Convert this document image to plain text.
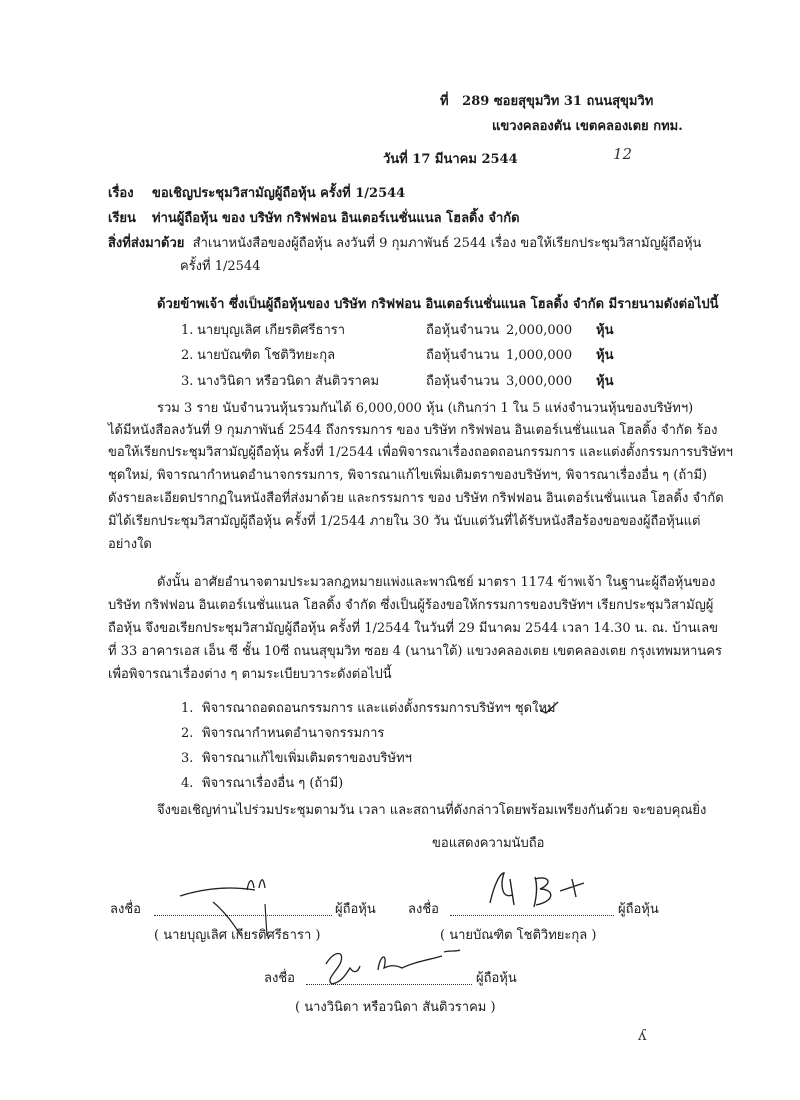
ที่ 289 ซอยสุขุมวิท 31 ถนนสุขุมวิท
แขวงคลองตัน เขตคลองเตย กทม.
วันที่ 17 มีนาคม 2544	12
เรื่อง ขอเชิญประชุมวิสามัญผู้ถือหุ้น ครั้งที่ 1/2544
เรียน ท่านผู้ถือหุ้น ของ บริษัท กริฟฟอน อินเตอร์เนชั่นแนล โฮลดิ้ง จำกัด
สิ่งที่ส่งมาด้วย สำเนาหนังสือของผู้ถือหุ้น ลงวันที่ 9 กุมภาพันธ์ 2544 เรื่อง ขอให้เรียกประชุมวิสามัญผู้ถือหุ้น
ครั้งที่ 1/2544
ด้วยข้าพเจ้า ซึ่งเป็นผู้ถือหุ้นของ บริษัท กริฟฟอน อินเตอร์เนชั่นแนล โฮลดิ้ง จำกัด มีรายนามดังต่อไปนี้
1. นายบุญเลิศ เกียรติศรีธารา	ถือหุ้นจำนวน 2,000,000 หุ้น
2. นายบัณฑิต โชติวิทยะกุล	ถือหุ้นจำนวน 1,000,000 หุ้น
3. นางวินิดา หรือวนิดา สันติวราคม	ถือหุ้นจำนวน 3,000,000 หุ้น
รวม 3 ราย นับจำนวนหุ้นรวมกันได้ 6,000,000 หุ้น (เกินกว่า 1 ใน 5 แห่งจำนวนหุ้นของบริษัทฯ)
ได้มีหนังสือลงวันที่ 9 กุมภาพันธ์ 2544 ถึงกรรมการ ของ บริษัท กริฟฟอน อินเตอร์เนชั่นแนล โฮลดิ้ง จำกัด ร้อง
ขอให้เรียกประชุมวิสามัญผู้ถือหุ้น ครั้งที่ 1/2544 เพื่อพิจารณาเรื่องถอดถอนกรรมการ และแต่งตั้งกรรมการบริษัทฯ
ชุดใหม่, พิจารณากำหนดอำนาจกรรมการ, พิจารณาแก้ไขเพิ่มเติมตราของบริษัทฯ, พิจารณาเรื่องอื่น ๆ (ถ้ามี)
ดังรายละเอียดปรากฏในหนังสือที่ส่งมาด้วย และกรรมการ ของ บริษัท กริฟฟอน อินเตอร์เนชั่นแนล โฮลดิ้ง จำกัด
มิได้เรียกประชุมวิสามัญผู้ถือหุ้น ครั้งที่ 1/2544 ภายใน 30 วัน นับแต่วันที่ได้รับหนังสือร้องขอของผู้ถือหุ้นแต่
อย่างใด
ดังนั้น อาศัยอำนาจตามประมวลกฎหมายแพ่งและพาณิชย์ มาตรา 1174 ข้าพเจ้า ในฐานะผู้ถือหุ้นของ
บริษัท กริฟฟอน อินเตอร์เนชั่นแนล โฮลดิ้ง จำกัด ซึ่งเป็นผู้ร้องขอให้กรรมการของบริษัทฯ เรียกประชุมวิสามัญผู้
ถือหุ้น จึงขอเรียกประชุมวิสามัญผู้ถือหุ้น ครั้งที่ 1/2544 ในวันที่ 29 มีนาคม 2544 เวลา 14.30 น. ณ. บ้านเลข
ที่ 33 อาคารเอส เอ็น ซี ชั้น 10ซี ถนนสุขุมวิท ซอย 4 (นานาใต้) แขวงคลองเตย เขตคลองเตย กรุงเทพมหานคร
เพื่อพิจารณาเรื่องต่าง ๆ ตามระเบียบวาระดังต่อไปนี้
1. พิจารณาถอดถอนกรรมการ และแต่งตั้งกรรมการบริษัทฯ ชุดใหม่
2. พิจารณากำหนดอำนาจกรรมการ
3. พิจารณาแก้ไขเพิ่มเติมตราของบริษัทฯ
4. พิจารณาเรื่องอื่น ๆ (ถ้ามี)
จึงขอเชิญท่านไปร่วมประชุมตามวัน เวลา และสถานที่ดังกล่าวโดยพร้อมเพรียงกันด้วย จะขอบคุณยิ่ง
ขอแสดงความนับถือ
ลงชื่อ	ผู้ถือหุ้น
( นายบุญเลิศ เกียรติศรีธารา )
ลงชื่อ	ผู้ถือหุ้น
( นายบัณฑิต โชติวิทยะกุล )
ลงชื่อ	ผู้ถือหุ้น
( นางวินิดา หรือวนิดา สันติวราคม )
ʎ
